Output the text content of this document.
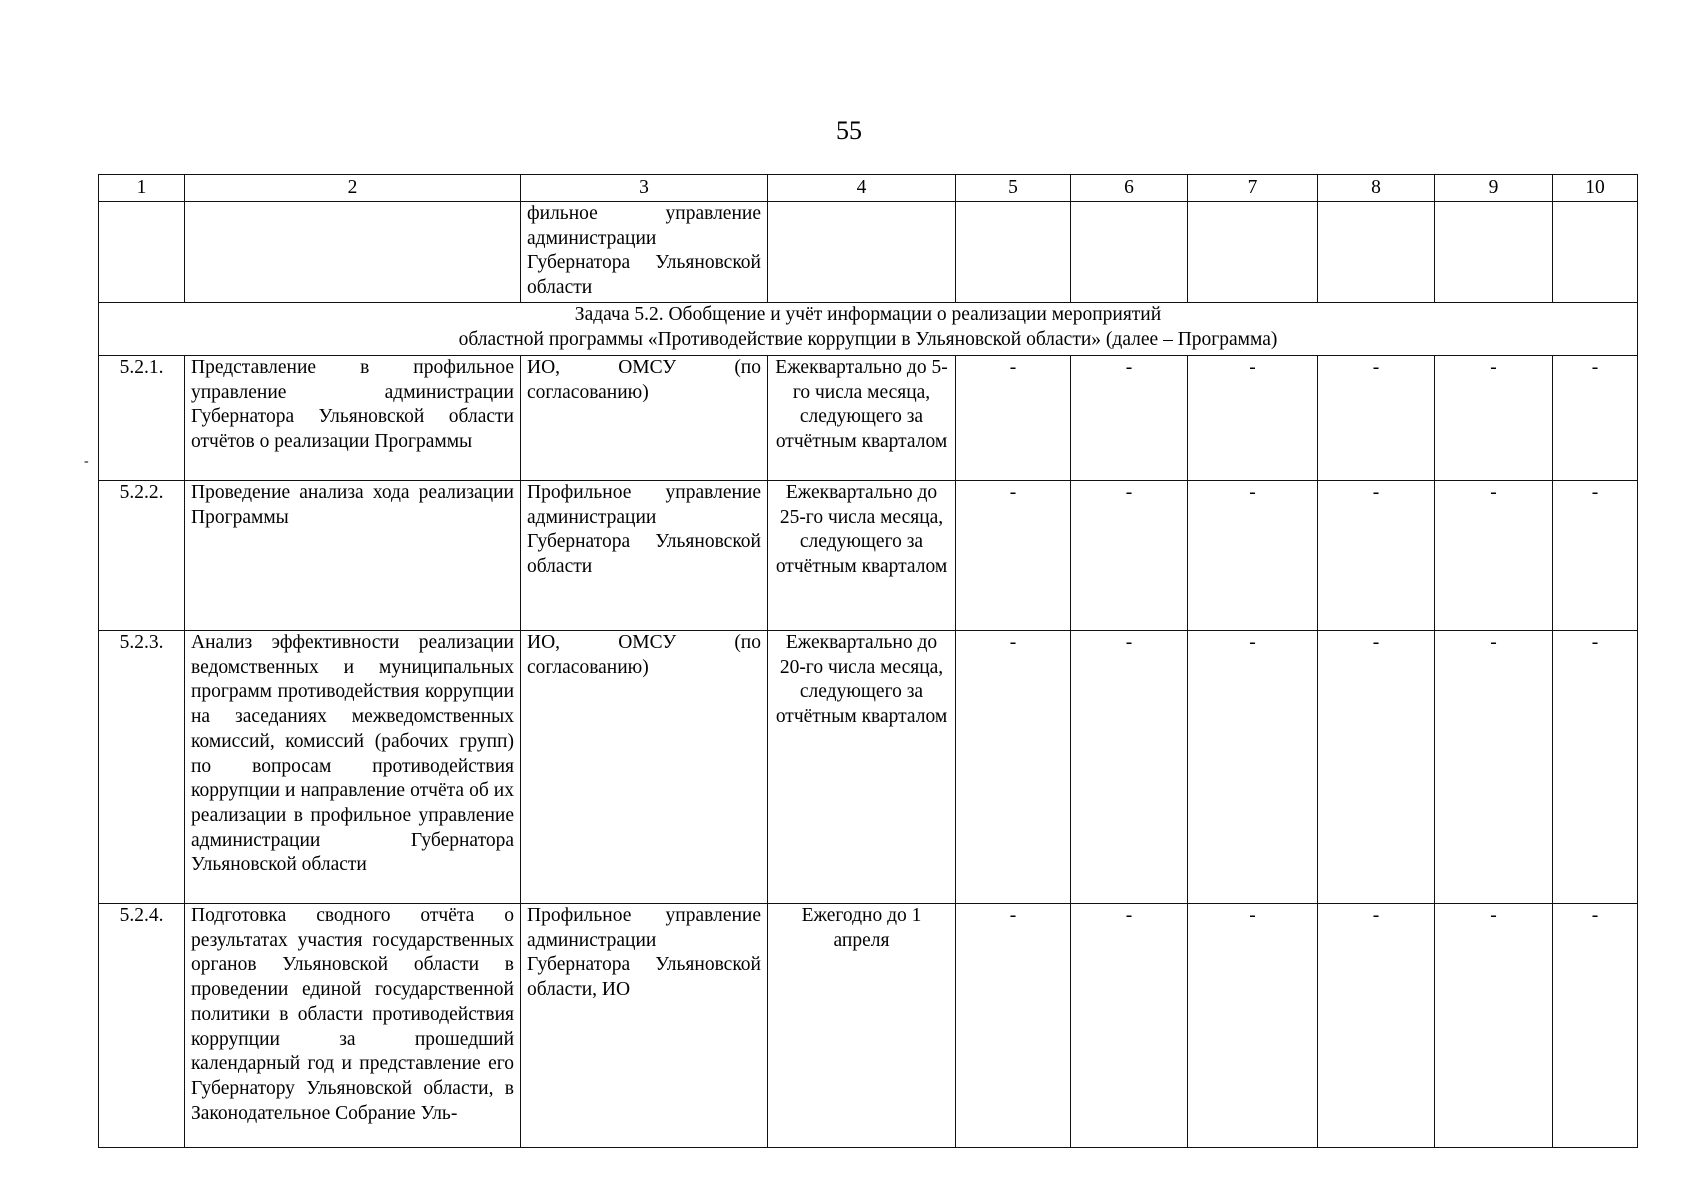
55
1	2	3	4	5	6	7	8	9	10
		фильное управление администрации Губернатора Ульяновской области							

Задача 5.2. Обобщение и учёт информации о реализации мероприятий
областной программы «Противодействие коррупции в Ульяновской области» (далее – Программа)									

5.2.1.	Представление в профильное управление администрации Губернатора Ульяновской области отчётов о реализации Программы	ИО, ОМСУ (по согласованию)	Ежеквартально до 5-го числа месяца, следующего за отчётным кварталом	-	-	-	-	-	-
5.2.2.	Проведение анализа хода реализации Программы	Профильное управление администрации Губернатора Ульяновской области	Ежеквартально до 25-го числа месяца, следующего за отчётным кварталом	-	-	-	-	-	-
5.2.3.	Анализ эффективности реализации ведомственных и муниципальных программ противодействия коррупции на заседаниях межведомственных комиссий, комиссий (рабочих групп) по вопросам противодействия коррупции и направление отчёта об их реализации в профильное управление администрации Губернатора Ульяновской области	ИО, ОМСУ (по согласованию)	Ежеквартально до 20-го числа месяца, следующего за отчётным кварталом	-	-	-	-	-	-
5.2.4.	Подготовка сводного отчёта о результатах участия государственных органов Ульяновской области в проведении единой государственной политики в области противодействия коррупции за прошедший календарный год и представление его Губернатору Ульяновской области, в Законодательное Собрание Уль-	Профильное управление администрации Губернатора Ульяновской области, ИО	Ежегодно до 1 апреля	-	-	-	-	-	-
-
